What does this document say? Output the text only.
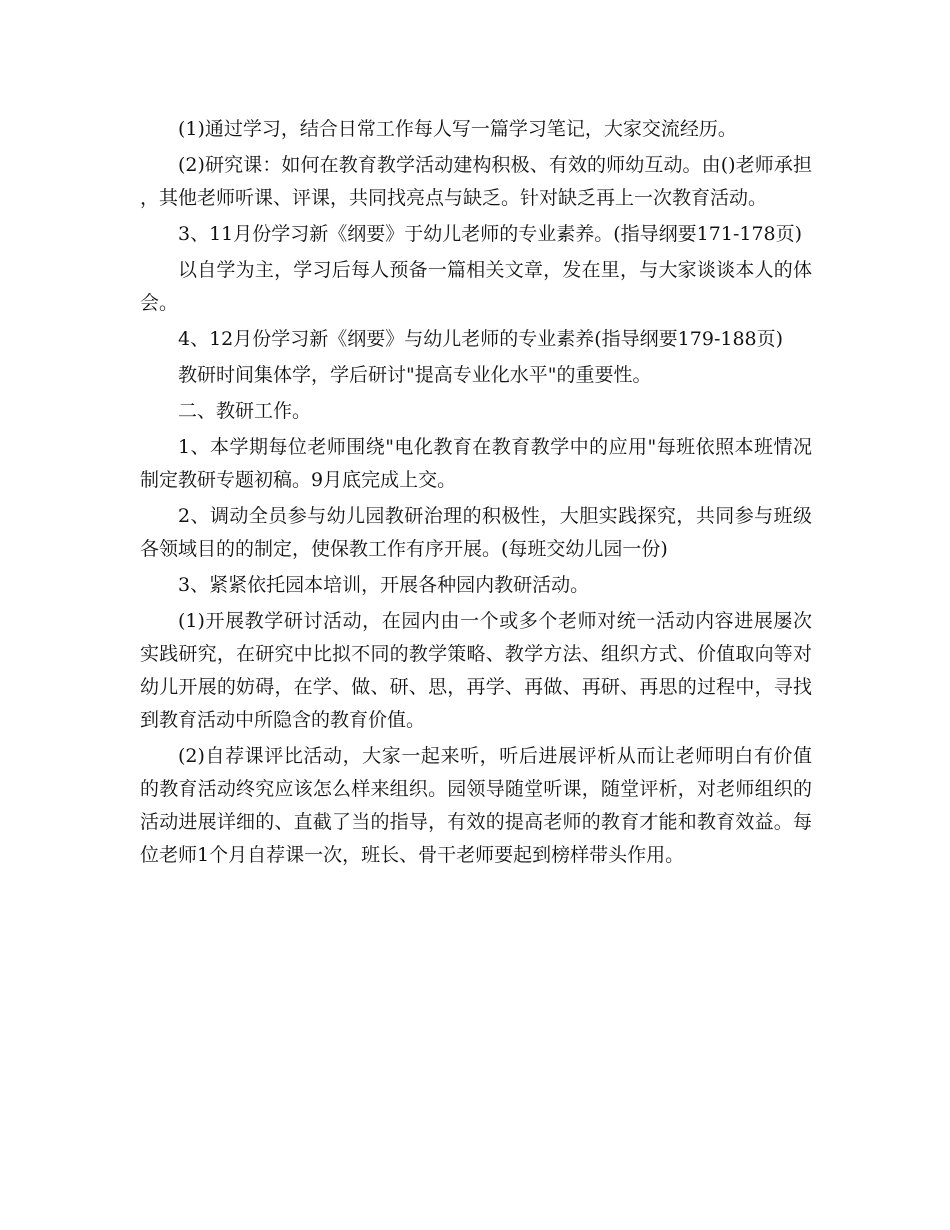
(1)通过学习，结合日常工作每人写一篇学习笔记，大家交流经历。

(2)研究课：如何在教育教学活动建构积极、有效的师幼互动。由()老师承担，其他老师听课、评课，共同找亮点与缺乏。针对缺乏再上一次教育活动。

3、11月份学习新《纲要》于幼儿老师的专业素养。(指导纲要171-178页)

以自学为主，学习后每人预备一篇相关文章，发在里，与大家谈谈本人的体会。

4、12月份学习新《纲要》与幼儿老师的专业素养(指导纲要179-188页)

教研时间集体学，学后研讨"提高专业化水平"的重要性。

二、教研工作。

1、本学期每位老师围绕"电化教育在教育教学中的应用"每班依照本班情况制定教研专题初稿。9月底完成上交。

2、调动全员参与幼儿园教研治理的积极性，大胆实践探究，共同参与班级各领域目的的制定，使保教工作有序开展。(每班交幼儿园一份)

3、紧紧依托园本培训，开展各种园内教研活动。

(1)开展教学研讨活动，在园内由一个或多个老师对统一活动内容进展屡次实践研究，在研究中比拟不同的教学策略、教学方法、组织方式、价值取向等对幼儿开展的妨碍，在学、做、研、思，再学、再做、再研、再思的过程中，寻找到教育活动中所隐含的教育价值。

(2)自荐课评比活动，大家一起来听，听后进展评析从而让老师明白有价值的教育活动终究应该怎么样来组织。园领导随堂听课，随堂评析，对老师组织的活动进展详细的、直截了当的指导，有效的提高老师的教育才能和教育效益。每位老师1个月自荐课一次，班长、骨干老师要起到榜样带头作用。
